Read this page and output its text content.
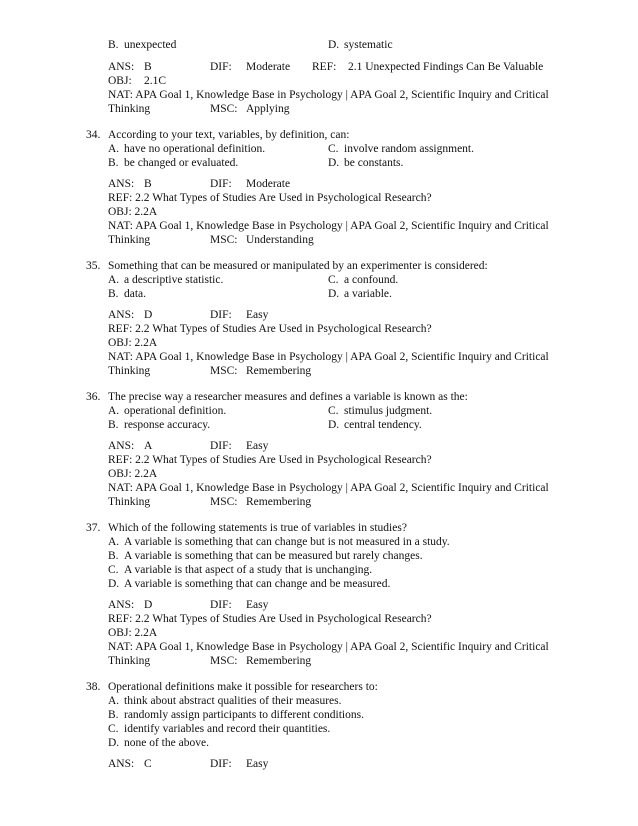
B. unexpected	D. systematic
ANS: B	DIF: Moderate REF: 2.1 Unexpected Findings Can Be Valuable
OBJ: 2.1C
NAT: APA Goal 1, Knowledge Base in Psychology | APA Goal 2, Scientific Inquiry and Critical
Thinking	MSC: Applying
34. According to your text, variables, by definition, can:
A. have no operational definition.	C. involve random assignment.
B. be changed or evaluated.	D. be constants.
ANS: B	DIF: Moderate
REF: 2.2 What Types of Studies Are Used in Psychological Research?
OBJ: 2.2A
NAT: APA Goal 1, Knowledge Base in Psychology | APA Goal 2, Scientific Inquiry and Critical
Thinking	MSC: Understanding
35. Something that can be measured or manipulated by an experimenter is considered:
A. a descriptive statistic.	C. a confound.
B. data.	D. a variable.
ANS: D	DIF: Easy
REF: 2.2 What Types of Studies Are Used in Psychological Research?
OBJ: 2.2A
NAT: APA Goal 1, Knowledge Base in Psychology | APA Goal 2, Scientific Inquiry and Critical
Thinking	MSC: Remembering
36. The precise way a researcher measures and defines a variable is known as the:
A. operational definition.	C. stimulus judgment.
B. response accuracy.	D. central tendency.
ANS: A	DIF: Easy
REF: 2.2 What Types of Studies Are Used in Psychological Research?
OBJ: 2.2A
NAT: APA Goal 1, Knowledge Base in Psychology | APA Goal 2, Scientific Inquiry and Critical
Thinking	MSC: Remembering
37. Which of the following statements is true of variables in studies?
A. A variable is something that can change but is not measured in a study.
B. A variable is something that can be measured but rarely changes.
C. A variable is that aspect of a study that is unchanging.
D. A variable is something that can change and be measured.
ANS: D	DIF: Easy
REF: 2.2 What Types of Studies Are Used in Psychological Research?
OBJ: 2.2A
NAT: APA Goal 1, Knowledge Base in Psychology | APA Goal 2, Scientific Inquiry and Critical
Thinking	MSC: Remembering
38. Operational definitions make it possible for researchers to:
A. think about abstract qualities of their measures.
B. randomly assign participants to different conditions.
C. identify variables and record their quantities.
D. none of the above.
ANS: C	DIF: Easy
